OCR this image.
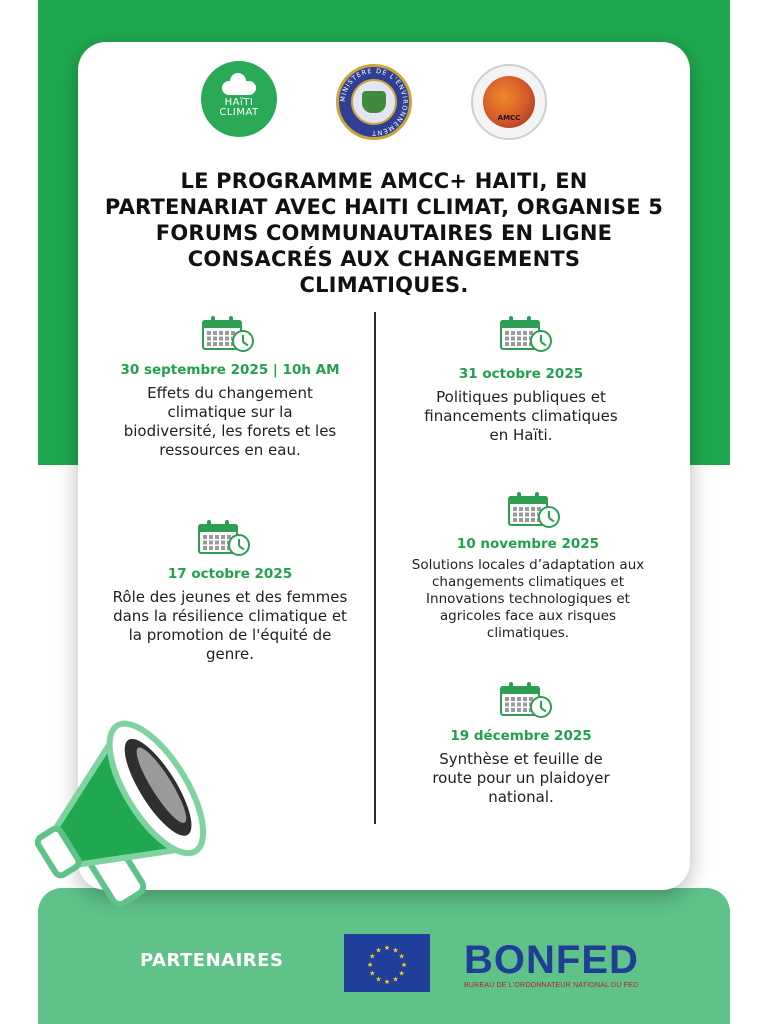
HAïTI
CLIMAT
MINISTERE DE L'ENVIRONNEMENT
AMCC
LE PROGRAMME AMCC+ HAITI, EN PARTENARIAT AVEC HAITI CLIMAT, ORGANISE 5 FORUMS COMMUNAUTAIRES EN LIGNE CONSACRÉS AUX CHANGEMENTS CLIMATIQUES.
30 septembre 2025 | 10h AM
Effets du changement climatique sur la biodiversité, les forets et les ressources en eau.
17 octobre 2025
Rôle des jeunes et des femmes dans la résilience climatique et la promotion de l'équité de genre.
31 octobre 2025
Politiques publiques et financements climatiques en Haïti.
10 novembre 2025
Solutions locales d’adaptation aux changements climatiques et Innovations technologiques et agricoles face aux risques climatiques.
19 décembre 2025
Synthèse et feuille de route pour un plaidoyer national.
PARTENAIRES
★ ★
★
★
★
★
★
★
★
★
★
★ BONFED
BUREAU DE L'ORDONNATEUR NATIONAL DU FED
